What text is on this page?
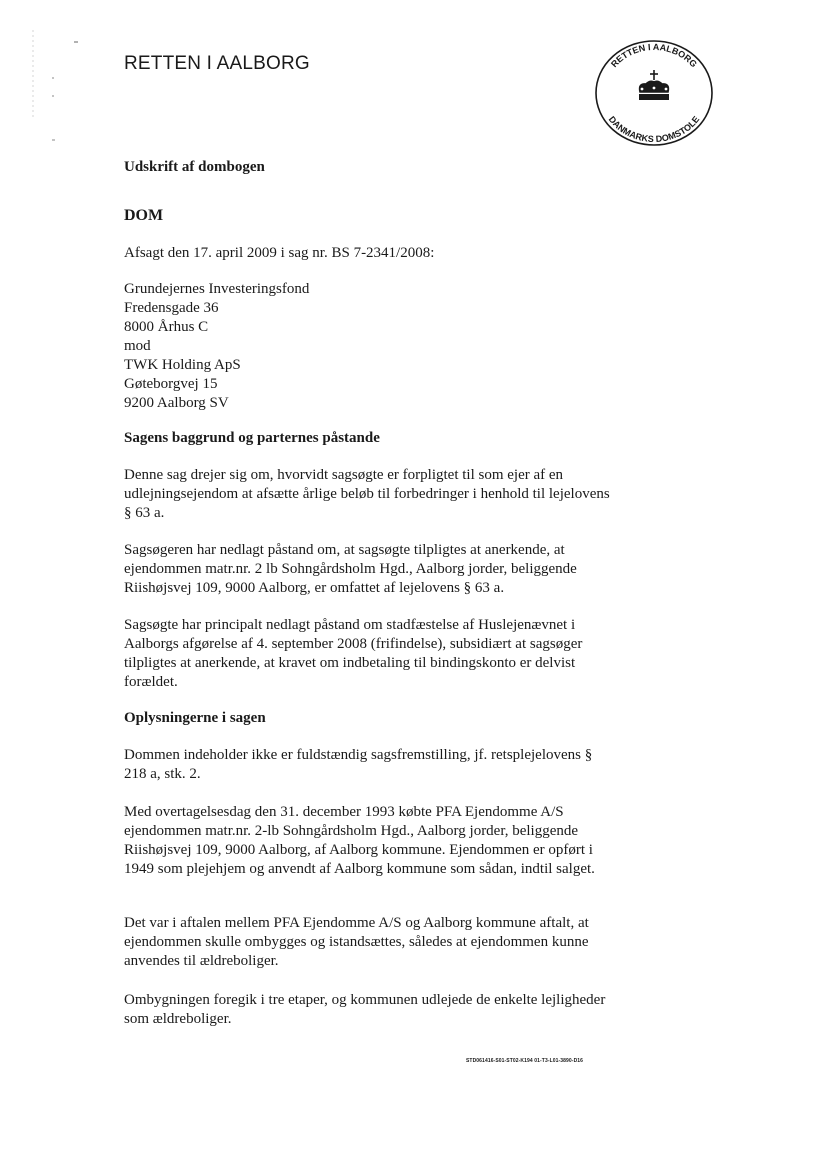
RETTEN I AALBORG	RETTEN I AALBORG
DANMARKS DOMSTOLE
Udskrift af dombogen
DOM
Afsagt den 17. april 2009 i sag nr. BS 7-2341/2008:
Grundejernes Investeringsfond
Fredensgade 36
8000 Århus C
mod
TWK Holding ApS
Gøteborgvej 15
9200 Aalborg SV
Sagens baggrund og parternes påstande
Denne sag drejer sig om, hvorvidt sagsøgte er forpligtet til som ejer af en udlejningsejendom at afsætte årlige beløb til forbedringer i henhold til lejelovens § 63 a.
Sagsøgeren har nedlagt påstand om, at sagsøgte tilpligtes at anerkende, at ejendommen matr.nr. 2 lb Sohngårdsholm Hgd., Aalborg jorder, beliggende Riishøjsvej 109, 9000 Aalborg, er omfattet af lejelovens § 63 a.
Sagsøgte har principalt nedlagt påstand om stadfæstelse af Huslejenævnet i Aalborgs afgørelse af 4. september 2008 (frifindelse), subsidiært at sagsøger tilpligtes at anerkende, at kravet om indbetaling til bindingskonto er delvist forældet.
Oplysningerne i sagen
Dommen indeholder ikke er fuldstændig sagsfremstilling, jf. retsplejelovens § 218 a, stk. 2.
Med overtagelsesdag den 31. december 1993 købte PFA Ejendomme A/S ejendommen matr.nr. 2-lb Sohngårdsholm Hgd., Aalborg jorder, beliggende Riishøjsvej 109, 9000 Aalborg, af Aalborg kommune. Ejendommen er opført i 1949 som plejehjem og anvendt af Aalborg kommune som sådan, indtil salget.
Det var i aftalen mellem PFA Ejendomme A/S og Aalborg kommune aftalt, at ejendommen skulle ombygges og istandsættes, således at ejendommen kunne anvendes til ældreboliger.
Ombygningen foregik i tre etaper, og kommunen udlejede de enkelte lejligheder som ældreboliger.
STD061416-S01-ST02-K194 01-T3-L01-3890-D16
